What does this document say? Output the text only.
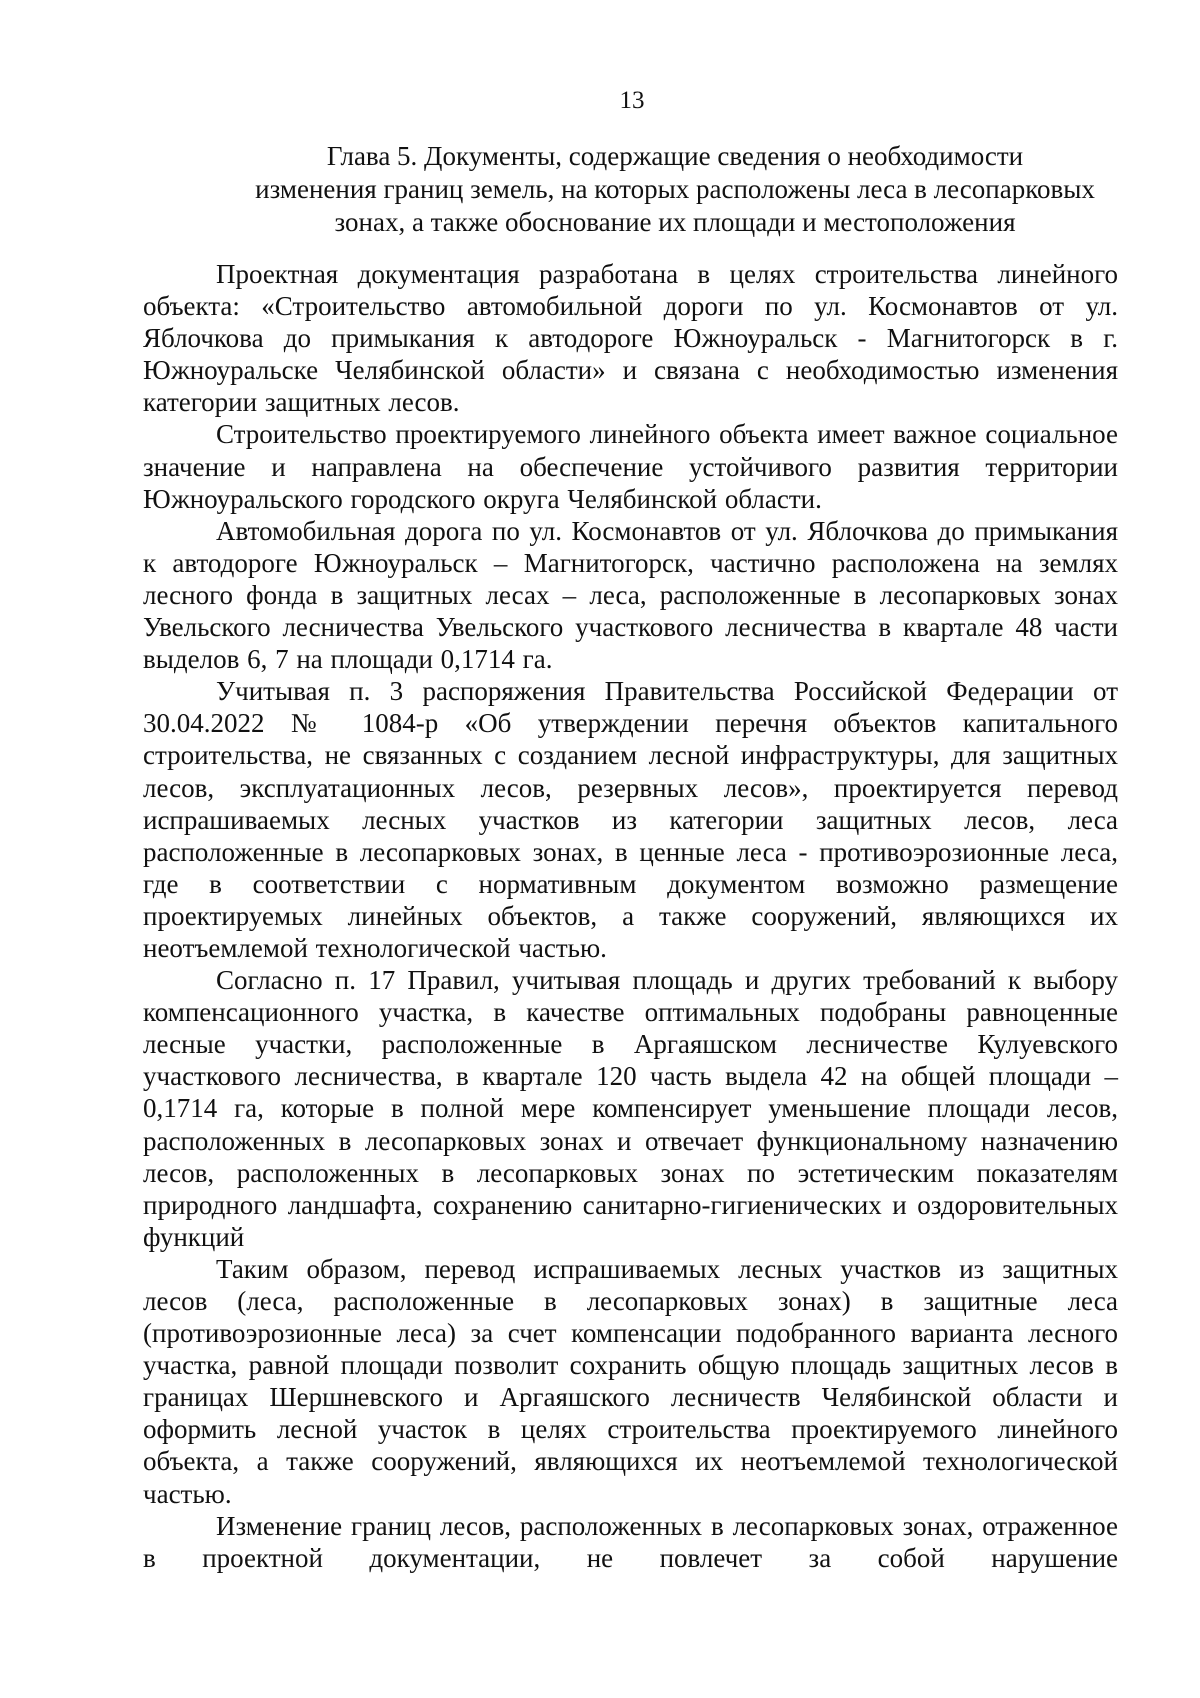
13
Глава 5. Документы, содержащие сведения о необходимости
изменения границ земель, на которых расположены леса в лесопарковых
зонах, а также обоснование их площади и местоположения

Проектная документация разработана в целях строительства линейного объекта: «Строительство автомобильной дороги по ул. Космонавтов от ул. Яблочкова до примыкания к автодороге Южноуральск - Магнитогорск в г. Южноуральске Челябинской области» и связана с необходимостью изменения категории защитных лесов.

Строительство проектируемого линейного объекта имеет важное социальное значение и направлена на обеспечение устойчивого развития территории Южноуральского городского округа Челябинской области.

Автомобильная дорога по ул. Космонавтов от ул. Яблочкова до примыкания к автодороге Южноуральск – Магнитогорск, частично расположена на землях лесного фонда в защитных лесах – леса, расположенные в лесопарковых зонах Увельского лесничества Увельского участкового лесничества в квартале 48 части выделов 6, 7 на площади 0,1714 га.

Учитывая п. 3 распоряжения Правительства Российской Федерации от 30.04.2022 № 1084-р «Об утверждении перечня объектов капитального строительства, не связанных с созданием лесной инфраструктуры, для защитных лесов, эксплуатационных лесов, резервных лесов», проектируется перевод испрашиваемых лесных участков из категории защитных лесов, леса расположенные в лесопарковых зонах, в ценные леса - противоэрозионные леса, где в соответствии с нормативным документом возможно размещение проектируемых линейных объектов, а также сооружений, являющихся их неотъемлемой технологической частью.

Согласно п. 17 Правил, учитывая площадь и других требований к выбору компенсационного участка, в качестве оптимальных подобраны равноценные лесные участки, расположенные в Аргаяшском лесничестве Кулуевского участкового лесничества, в квартале 120 часть выдела 42 на общей площади – 0,1714 га, которые в полной мере компенсирует уменьшение площади лесов, расположенных в лесопарковых зонах и отвечает функциональному назначению лесов, расположенных в лесопарковых зонах по эстетическим показателям природного ландшафта, сохранению санитарно-гигиенических и оздоровительных функций

Таким образом, перевод испрашиваемых лесных участков из защитных лесов (леса, расположенные в лесопарковых зонах) в защитные леса (противоэрозионные леса) за счет компенсации подобранного варианта лесного участка, равной площади позволит сохранить общую площадь защитных лесов в границах Шершневского и Аргаяшского лесничеств Челябинской области и оформить лесной участок в целях строительства проектируемого линейного объекта, а также сооружений, являющихся их неотъемлемой технологической частью.

Изменение границ лесов, расположенных в лесопарковых зонах, отраженное в проектной документации, не повлечет за собой нарушение
